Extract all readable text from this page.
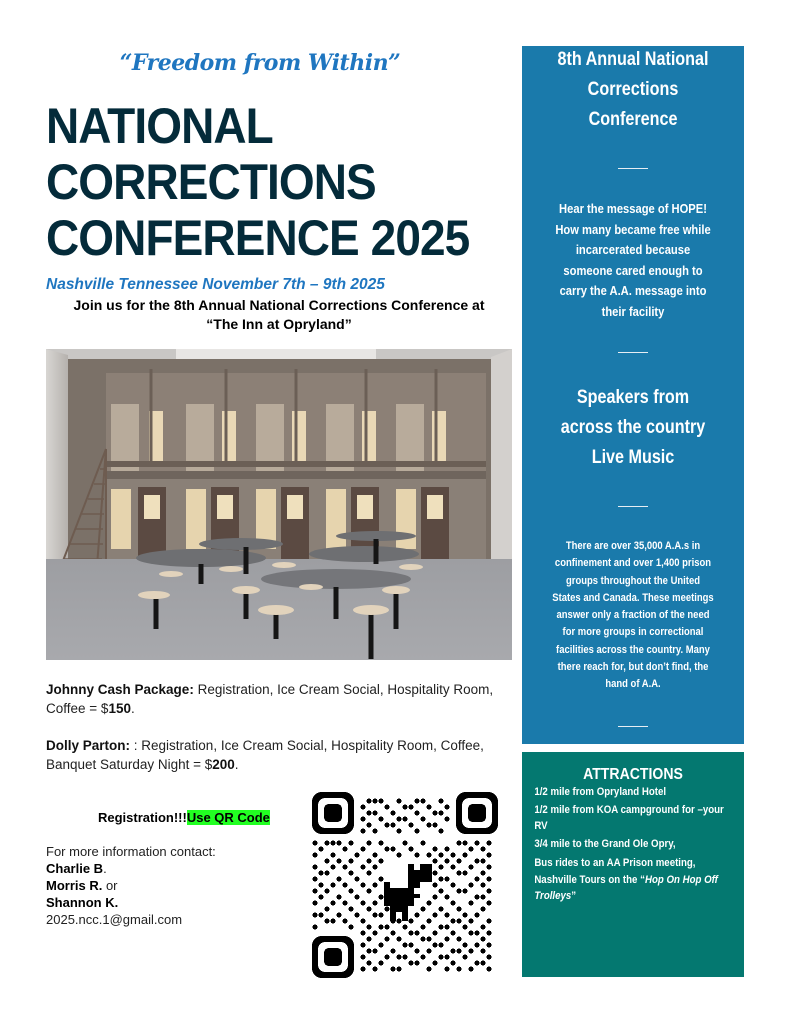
“Freedom from Within”
NATIONAL
CORRECTIONS
CONFERENCE 2025
Nashville Tennessee November 7th – 9th 2025
Join us for the 8th Annual National Corrections Conference at
“The Inn at Opryland”

Johnny Cash Package: Registration, Ice Cream Social, Hospitality Room, Coffee = $150.

Dolly Parton: : Registration, Ice Cream Social, Hospitality Room, Coffee, Banquet Saturday Night = $200.

Registration!!!Use QR Code
For more information contact:
Charlie B.
Morris R. or
Shannon K.
2025.ncc.1@gmail.com
8th Annual National
Corrections
Conference
Hear the message of HOPE!
How many became free while
incarcerated because
someone cared enough to
carry the A.A. message into
their facility
Speakers from
across the country
Live Music
There are over 35,000 A.A.s in
confinement and over 1,400 prison
groups throughout the United
States and Canada. These meetings
answer only a fraction of the need
for more groups in correctional
facilities across the country. Many
there reach for, but don’t find, the
hand of A.A.
ATTRACTIONS
1/2 mile from Opryland Hotel
1/2 mile from KOA campground for –your RV
3/4 mile to the Grand Ole Opry,
Bus rides to an AA Prison meeting, Nashville Tours on the “Hop On Hop Off Trolleys”
